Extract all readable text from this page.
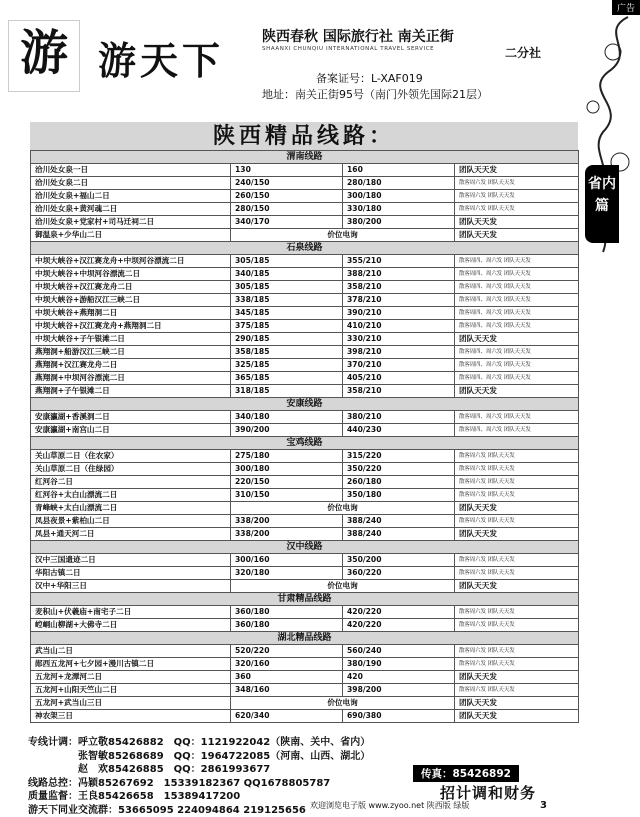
广告
游 游天下
陕西春秋 国际旅行社 南关正街
SHAANXI CHUNQIU INTERNATIONAL TRAVEL SERVICE	二分社
备案证号：L-XAF019
地址：南关正街95号（南门外领先国际21层）
省内篇
陕西精品线路：
渭南线路			
洽川处女泉一日	130	160	团队天天发
洽川处女泉二日	240/150	280/180	散客周六发 团队天天发
洽川处女泉+福山二日	260/150	300/180	散客周六发 团队天天发
洽川处女泉+黄河魂二日	280/150	330/180	散客周六发 团队天天发
洽川处女泉+党家村+司马迁祠二日	340/170	380/200	团队天天发
御温泉+少华山二日	价位电询		团队天天发
石泉线路			
中坝大峡谷+汉江赛龙舟+中坝河谷漂流二日	305/185	355/210	散客周四、周六发 团队天天发
中坝大峡谷+中坝河谷漂流二日	340/185	388/210	散客周四、周六发 团队天天发
中坝大峡谷+汉江赛龙舟二日	305/185	358/210	散客周四、周六发 团队天天发
中坝大峡谷+游船汉江三峡二日	338/185	378/210	散客周四、周六发 团队天天发
中坝大峡谷+燕翔洞二日	345/185	390/210	散客周四、周六发 团队天天发
中坝大峡谷+汉江赛龙舟+燕翔洞二日	375/185	410/210	散客周四、周六发 团队天天发
中坝大峡谷+子午银滩二日	290/185	330/210	团队天天发
燕翔洞+船游汉江三峡二日	358/185	398/210	散客周四、周六发 团队天天发
燕翔洞+汉江赛龙舟二日	325/185	370/210	散客周四、周六发 团队天天发
燕翔洞+中坝河谷漂流二日	365/185	405/210	散客周四、周六发 团队天天发
燕翔洞+子午银滩二日	318/185	358/210	团队天天发
安康线路			
安康瀛湖+香溪洞二日	340/180	380/210	散客周四、周六发 团队天天发
安康瀛湖+南宫山二日	390/200	440/230	散客周四、周六发 团队天天发
宝鸡线路			
关山草原二日（住农家）	275/180	315/220	散客周六发 团队天天发
关山草原二日（住绿园）	300/180	350/220	散客周六发 团队天天发
红河谷二日	220/150	260/180	散客周六发 团队天天发
红河谷+太白山漂流二日	310/150	350/180	散客周六发 团队天天发
青峰峡+太白山漂流二日	价位电询		团队天天发
凤县夜景+紫柏山二日	338/200	388/240	散客周六发 团队天天发
凤县+通天河二日	338/200	388/240	团队天天发
汉中线路			
汉中三国遗迹二日	300/160	350/200	散客周六发 团队天天发
华阳古镇二日	320/180	360/220	散客周六发 团队天天发
汉中+华阳三日	价位电询		团队天天发
甘肃精品线路			
麦积山+伏羲庙+南宅子二日	360/180	420/220	散客周六发 团队天天发
崆峒山柳湖+大佛寺二日	360/180	420/220	散客周六发 团队天天发
湖北精品线路			
武当山二日	520/220	560/240	散客周六发 团队天天发
郧西五龙河+七夕园+漫川古镇二日	320/160	380/190	散客周六发 团队天天发
五龙河+龙潭河二日	360	420	团队天天发
五龙河+山阳天竺山二日	348/160	398/200	散客周六发 团队天天发
五龙河+武当山三日	价位电询		团队天天发
神农架三日	620/340	690/380	团队天天发
专线计调：呼立敬85426882　QQ：1121922042（陕南、关中、省内）
　　　　　张智敏85268689　QQ：1964722085（河南、山西、湖北）
　　　　　赵　欢85426885　QQ：2861993677
线路总控：冯颖85267692　15339182367 QQ1678805787
质量监督：王良85426658　15389417200
游天下同业交流群：53665095 224094864 219125656
传真：85426892
招计调和财务
欢迎浏览电子版 www.zyoo.net 陕西版 绿版	3
